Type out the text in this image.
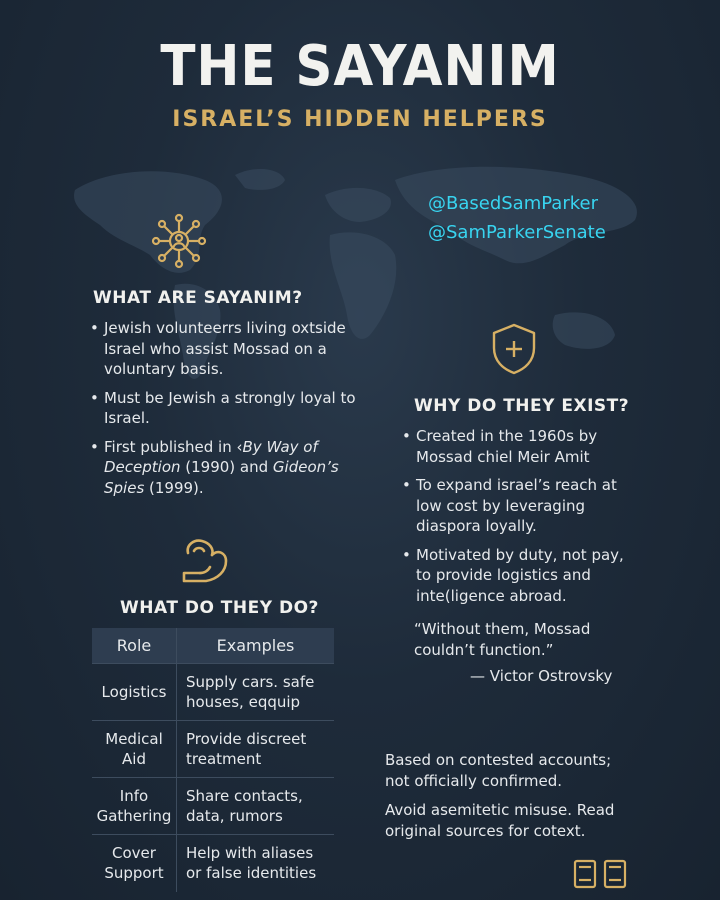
THE SAYANIM
ISRAEL’S HIDDEN HELPERS
@BasedSamParker
@SamParkerSenate
WHAT ARE SAYANIM?
• Jewish volunteerrs living oxtside Israel who assist Mossad on a voluntary basis.
• Must be Jewish a strongly loyal to Israel.
• First published in ‹By Way of Deception (1990) and Gideon’s Spies (1999).
WHAT DO THEY DO?
Role	Examples
Logistics	Supply cars. safe houses, eqquip
Medical Aid	Provide discreet treatment
Info Gathering	Share contacts, data, rumors
Cover Support	Help with aliases or false identities
WHY DO THEY EXIST?
• Created in the 1960s by Mossad chiel Meir Amit
• To expand israel’s reach at low cost by leveraging diaspora loyally.
• Motivated by duty, not pay, to provide logistics and inte(ligence abroad.
“Without them, Mossad couldn’t function.”
— Victor Ostrovsky
Based on contested accounts; not officially confirmed.
Avoid asemitetic misuse. Read original sources for cotext.
